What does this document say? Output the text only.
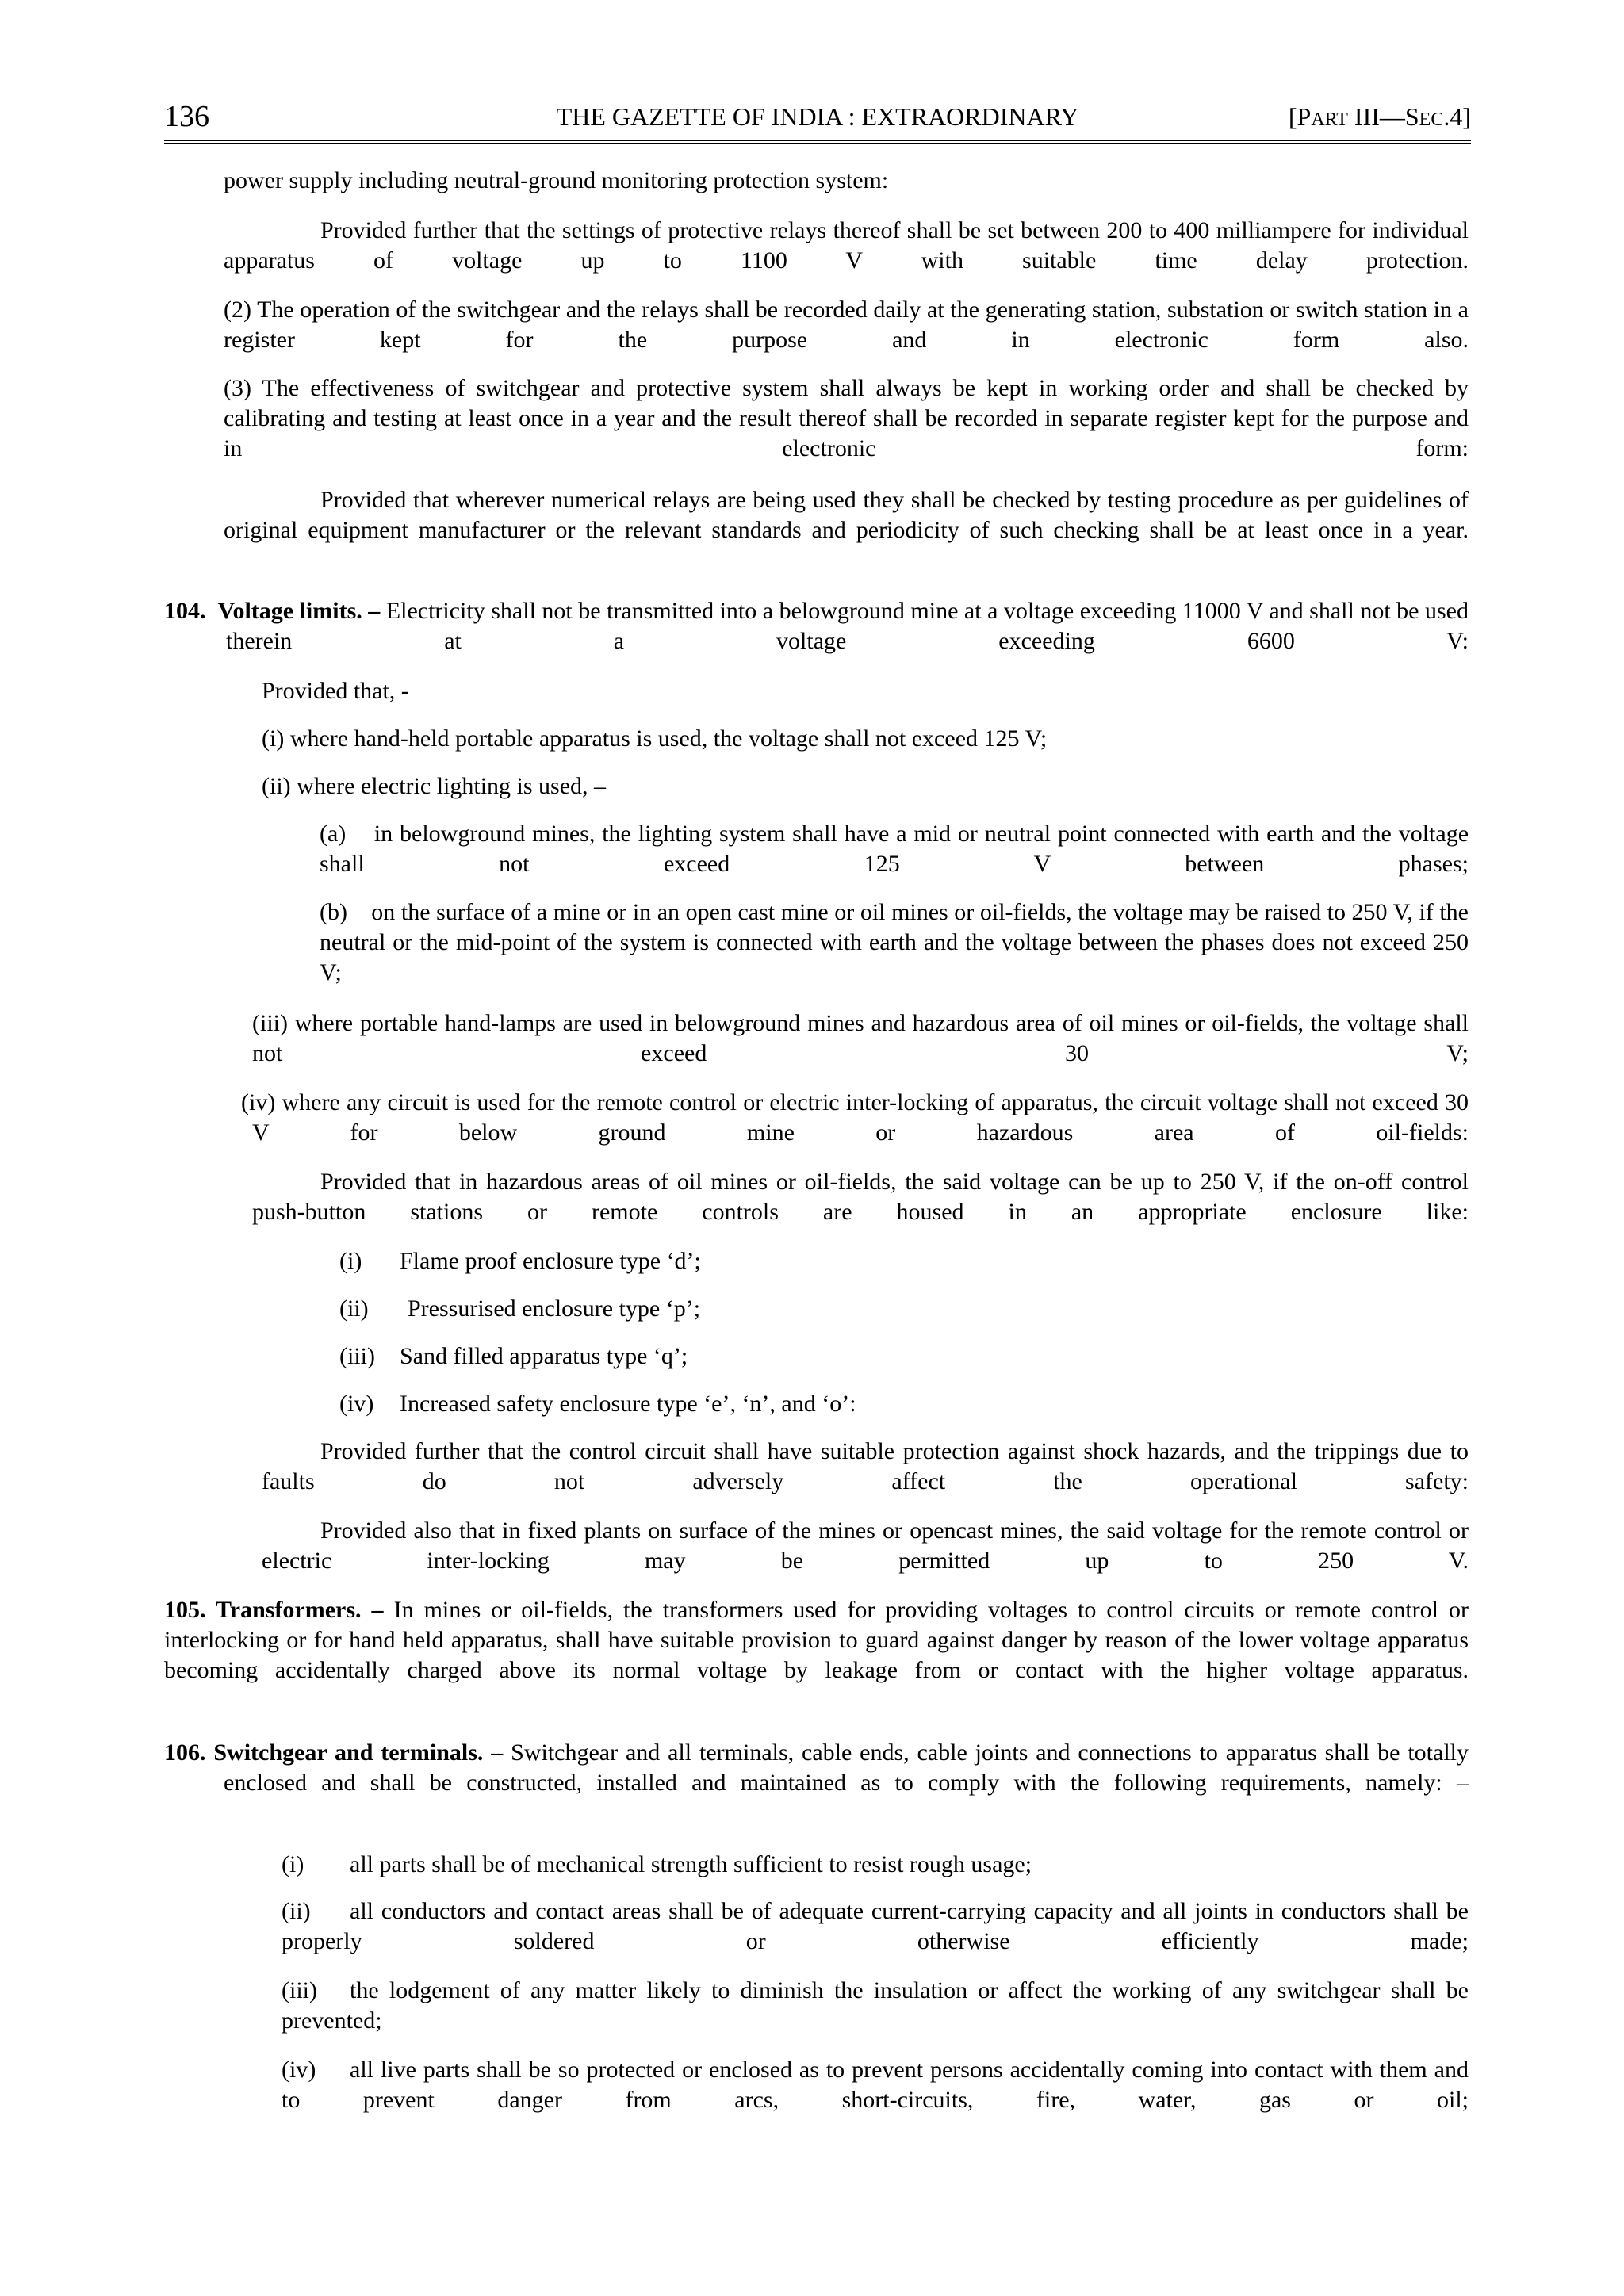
136	THE GAZETTE OF INDIA : EXTRAORDINARY	[PART III—SEC.4]

power supply including neutral-ground monitoring protection system:

Provided further that the settings of protective relays thereof shall be set between 200 to 400 milliampere for individual apparatus of voltage up to 1100 V with suitable time delay protection.

(2) The operation of the switchgear and the relays shall be recorded daily at the generating station, substation or switch station in a register kept for the purpose and in electronic form also.

(3) The effectiveness of switchgear and protective system shall always be kept in working order and shall be checked by calibrating and testing at least once in a year and the result thereof shall be recorded in separate register kept for the purpose and in electronic form:

Provided that wherever numerical relays are being used they shall be checked by testing procedure as per guidelines of original equipment manufacturer or the relevant standards and periodicity of such checking shall be at least once in a year.

104. Voltage limits. – Electricity shall not be transmitted into a belowground mine at a voltage exceeding 11000 V and shall not be used therein at a voltage exceeding 6600 V:

Provided that, -

(i) where hand-held portable apparatus is used, the voltage shall not exceed 125 V;

(ii) where electric lighting is used, –

(a) in belowground mines, the lighting system shall have a mid or neutral point connected with earth and the voltage shall not exceed 125 V between phases;

(b) on the surface of a mine or in an open cast mine or oil mines or oil-fields, the voltage may be raised to 250 V, if the neutral or the mid-point of the system is connected with earth and the voltage between the phases does not exceed 250 V;

(iii) where portable hand-lamps are used in belowground mines and hazardous area of oil mines or oil-fields, the voltage shall not exceed 30 V;

(iv) where any circuit is used for the remote control or electric inter-locking of apparatus, the circuit voltage shall not exceed 30 V for below ground mine or hazardous area of oil-fields:

Provided that in hazardous areas of oil mines or oil-fields, the said voltage can be up to 250 V, if the on-off control push-button stations or remote controls are housed in an appropriate enclosure like:

(i) Flame proof enclosure type ‘d’;
(ii) Pressurised enclosure type ‘p’;
(iii) Sand filled apparatus type ‘q’;
(iv) Increased safety enclosure type ‘e’, ‘n’, and ‘o’:

Provided further that the control circuit shall have suitable protection against shock hazards, and the trippings due to faults do not adversely affect the operational safety:

Provided also that in fixed plants on surface of the mines or opencast mines, the said voltage for the remote control or electric inter-locking may be permitted up to 250 V.

105. Transformers. – In mines or oil-fields, the transformers used for providing voltages to control circuits or remote control or interlocking or for hand held apparatus, shall have suitable provision to guard against danger by reason of the lower voltage apparatus becoming accidentally charged above its normal voltage by leakage from or contact with the higher voltage apparatus.

106. Switchgear and terminals. – Switchgear and all terminals, cable ends, cable joints and connections to apparatus shall be totally enclosed and shall be constructed, installed and maintained as to comply with the following requirements, namely: –

(i) all parts shall be of mechanical strength sufficient to resist rough usage;

(ii) all conductors and contact areas shall be of adequate current-carrying capacity and all joints in conductors shall be properly soldered or otherwise efficiently made;

(iii) the lodgement of any matter likely to diminish the insulation or affect the working of any switchgear shall be prevented;

(iv) all live parts shall be so protected or enclosed as to prevent persons accidentally coming into contact with them and to prevent danger from arcs, short-circuits, fire, water, gas or oil;
